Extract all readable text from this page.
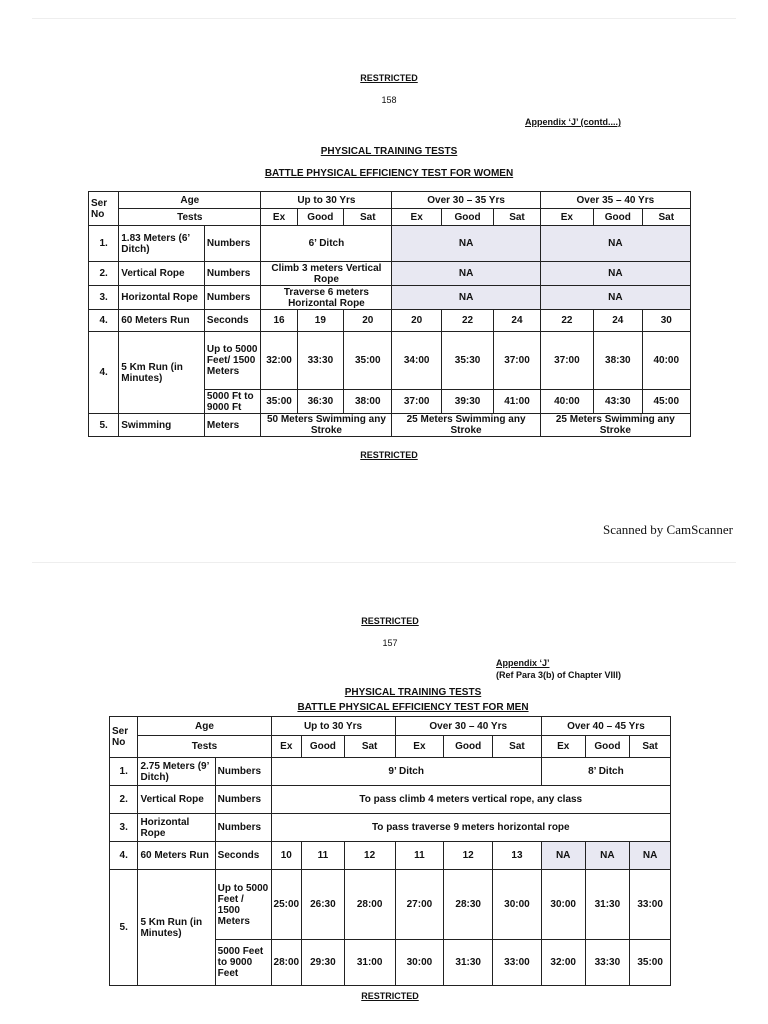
RESTRICTED
158
Appendix ‘J’ (contd....)
PHYSICAL TRAINING TESTS
BATTLE PHYSICAL EFFICIENCY TEST FOR WOMEN
Ser No	Age		Up to 30 Yrs			Over 30 – 35 Yrs			Over 35 – 40 Yrs		
	Tests		Ex	Good	Sat	Ex	Good	Sat	Ex	Good	Sat
1.	1.83 Meters (6’ Ditch)	Numbers	6’ Ditch			NA			NA		
2.	Vertical Rope	Numbers	Climb 3 meters Vertical Rope			NA			NA		
3.	Horizontal Rope	Numbers	Traverse 6 meters Horizontal Rope			NA			NA		
4.	60 Meters Run	Seconds	16	19	20	20	22	24	22	24	30
4.	5 Km Run (in Minutes)	Up to 5000 Feet/ 1500 Meters	32:00	33:30	35:00	34:00	35:30	37:00	37:00	38:30	40:00
		5000 Ft to 9000 Ft	35:00	36:30	38:00	37:00	39:30	41:00	40:00	43:30	45:00
5.	Swimming	Meters	50 Meters Swimming any Stroke			25 Meters Swimming any Stroke			25 Meters Swimming any Stroke		
RESTRICTED
Scanned by CamScanner
RESTRICTED
157
Appendix ‘J’
(Ref Para 3(b) of Chapter VIII)
PHYSICAL TRAINING TESTS
BATTLE PHYSICAL EFFICIENCY TEST FOR MEN
Ser No	Age		Up to 30 Yrs			Over 30 – 40 Yrs			Over 40 – 45 Yrs		
	Tests		Ex	Good	Sat	Ex	Good	Sat	Ex	Good	Sat
1.	2.75 Meters (9’ Ditch)	Numbers	9’ Ditch						8’ Ditch		
2.	Vertical Rope	Numbers	To pass climb 4 meters vertical rope, any class								
3.	Horizontal Rope	Numbers	To pass traverse 9 meters horizontal rope								
4.	60 Meters Run	Seconds	10	11	12	11	12	13	NA	NA	NA
5.	5 Km Run (in Minutes)	Up to 5000 Feet / 1500 Meters	25:00	26:30	28:00	27:00	28:30	30:00	30:00	31:30	33:00
		5000 Feet to 9000 Feet	28:00	29:30	31:00	30:00	31:30	33:00	32:00	33:30	35:00
RESTRICTED
